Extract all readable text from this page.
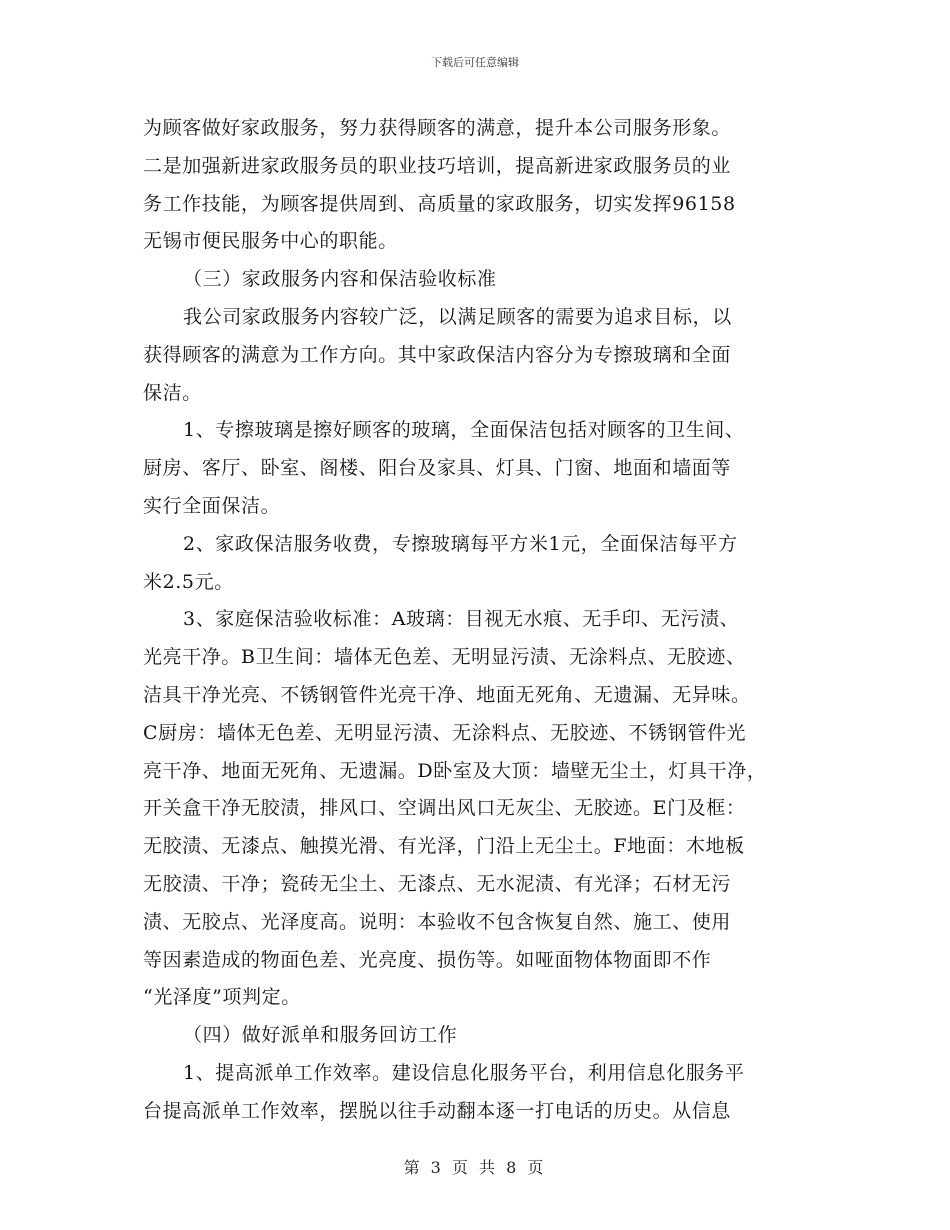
下载后可任意编辑
为顾客做好家政服务，努力获得顾客的满意，提升本公司服务形象。
二是加强新进家政服务员的职业技巧培训，提高新进家政服务员的业
务工作技能，为顾客提供周到、高质量的家政服务，切实发挥96158
无锡市便民服务中心的职能。
（三）家政服务内容和保洁验收标准
我公司家政服务内容较广泛，以满足顾客的需要为追求目标，以
获得顾客的满意为工作方向。其中家政保洁内容分为专擦玻璃和全面
保洁。
1、专擦玻璃是擦好顾客的玻璃，全面保洁包括对顾客的卫生间、
厨房、客厅、卧室、阁楼、阳台及家具、灯具、门窗、地面和墙面等
实行全面保洁。
2、家政保洁服务收费，专擦玻璃每平方米1元，全面保洁每平方
米2.5元。
3、家庭保洁验收标准：A玻璃：目视无水痕、无手印、无污渍、
光亮干净。B卫生间：墙体无色差、无明显污渍、无涂料点、无胶迹、
洁具干净光亮、不锈钢管件光亮干净、地面无死角、无遗漏、无异味。
C厨房：墙体无色差、无明显污渍、无涂料点、无胶迹、不锈钢管件光
亮干净、地面无死角、无遗漏。D卧室及大顶：墙壁无尘土，灯具干净，
开关盒干净无胶渍，排风口、空调出风口无灰尘、无胶迹。E门及框：
无胶渍、无漆点、触摸光滑、有光泽，门沿上无尘土。F地面：木地板
无胶渍、干净；瓷砖无尘土、无漆点、无水泥渍、有光泽；石材无污
渍、无胶点、光泽度高。说明：本验收不包含恢复自然、施工、使用
等因素造成的物面色差、光亮度、损伤等。如哑面物体物面即不作
“光泽度”项判定。
（四）做好派单和服务回访工作
1、提高派单工作效率。建设信息化服务平台，利用信息化服务平
台提高派单工作效率，摆脱以往手动翻本逐一打电话的历史。从信息
第 3 页 共 8 页
